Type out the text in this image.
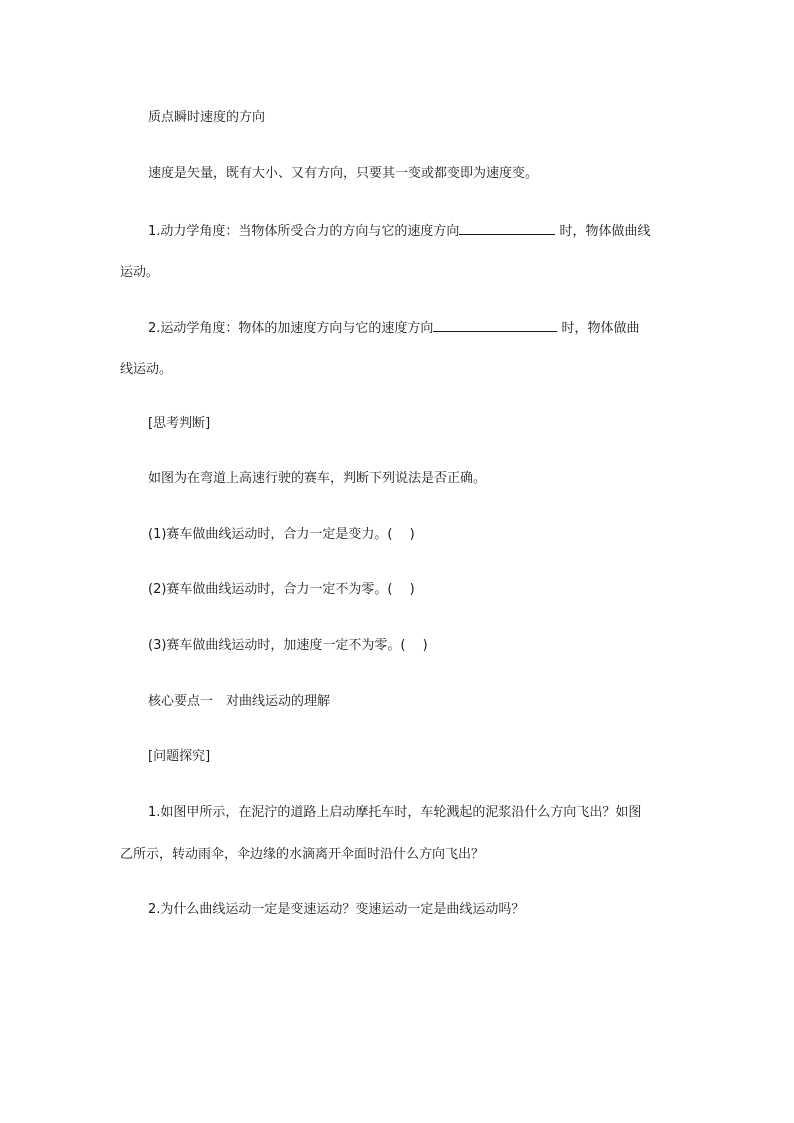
质点瞬时速度的方向
速度是矢量，既有大小、又有方向，只要其一变或都变即为速度变。
1.动力学角度：当物体所受合力的方向与它的速度方向	时，物体做曲线
运动。
2.运动学角度：物体的加速度方向与它的速度方向	时，物体做曲
线运动。
[思考判断]
如图为在弯道上高速行驶的赛车，判断下列说法是否正确。
(1)赛车做曲线运动时，合力一定是变力。(　 )
(2)赛车做曲线运动时，合力一定不为零。(　 )
(3)赛车做曲线运动时，加速度一定不为零。(　 )
核心要点一　对曲线运动的理解
[问题探究]
1.如图甲所示，在泥泞的道路上启动摩托车时，车轮溅起的泥浆沿什么方向飞出？如图
乙所示，转动雨伞，伞边缘的水滴离开伞面时沿什么方向飞出？
2.为什么曲线运动一定是变速运动？变速运动一定是曲线运动吗？
